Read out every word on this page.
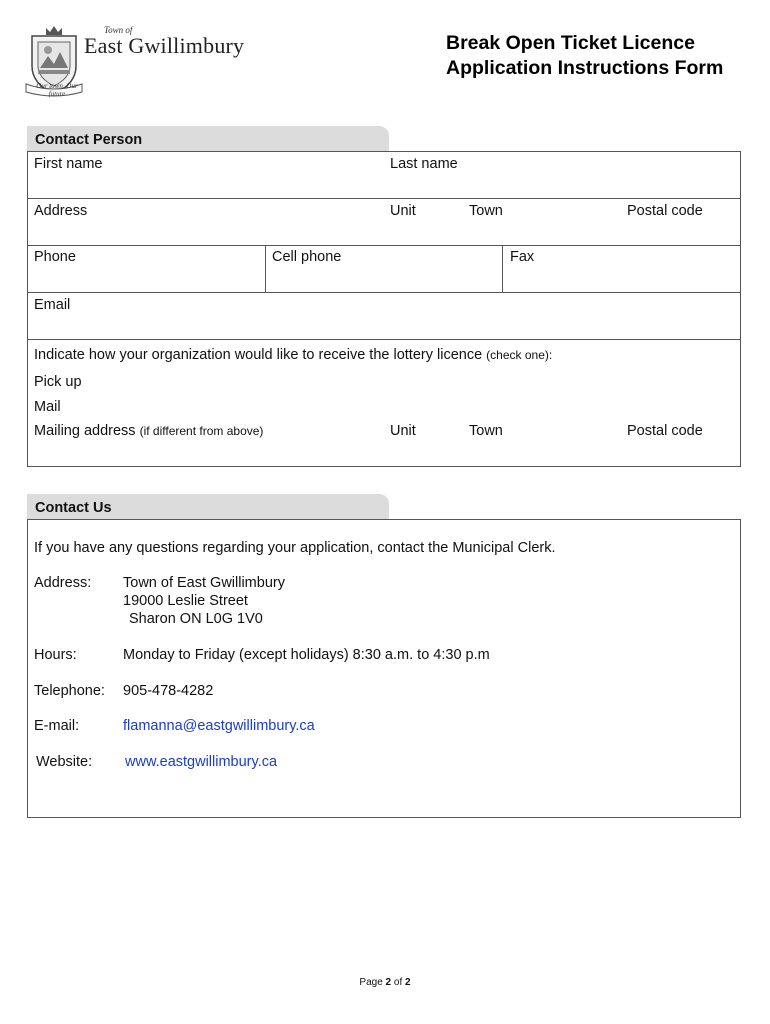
Town of
East Gwillimbury
Our town, Our future
Break Open Ticket Licence
Application Instructions Form
Contact Person
First name	Last name
Address	Unit	Town	Postal code
Phone	Cell phone	Fax
Email
Indicate how your organization would like to receive the lottery licence (check one):
Pick up
Mail
Mailing address (if different from above)	Unit	Town	Postal code
Contact Us
If you have any questions regarding your application, contact the Municipal Clerk.
Address: Town of East Gwillimbury
19000 Leslie Street
Sharon ON L0G 1V0
Hours:	Monday to Friday (except holidays) 8:30 a.m. to 4:30 p.m
Telephone: 905-478-4282
E-mail:	flamanna@eastgwillimbury.ca
Website: www.eastgwillimbury.ca
Page 2 of 2
